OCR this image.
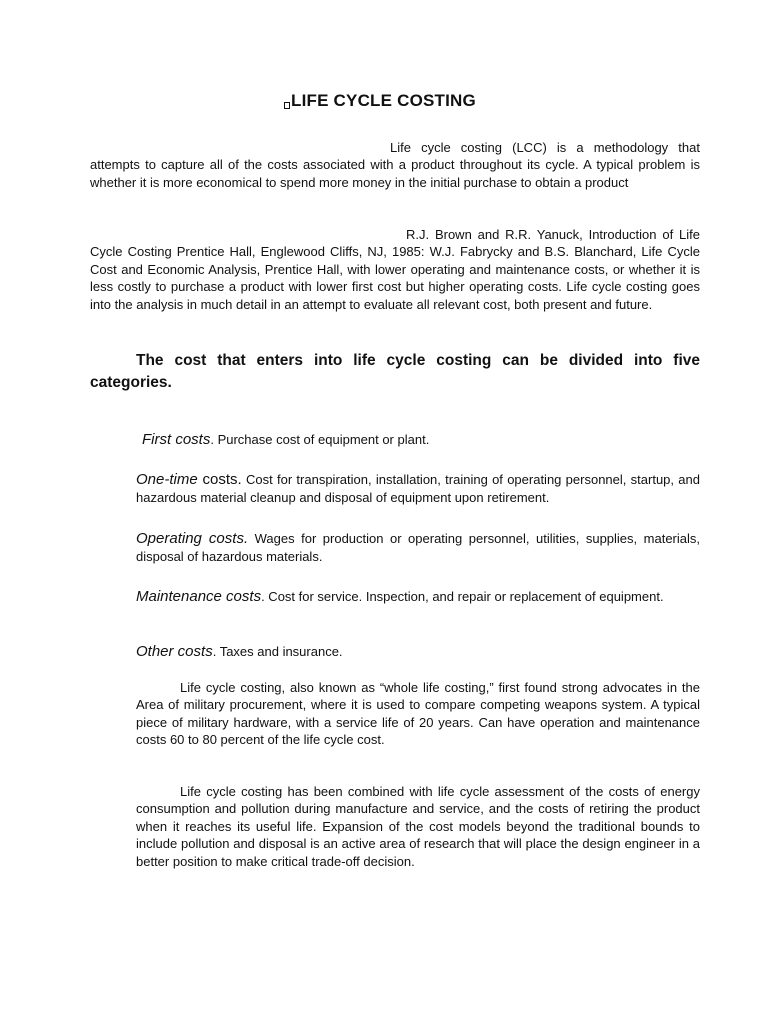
LIFE CYCLE COSTING

Life cycle costing (LCC) is a methodology that attempts to capture all of the costs associated with a product throughout its cycle. A typical problem is whether it is more economical to spend more money in the initial purchase to obtain a product

R.J. Brown and R.R. Yanuck, Introduction of Life Cycle Costing Prentice Hall, Englewood Cliffs, NJ, 1985: W.J. Fabrycky and B.S. Blanchard, Life Cycle Cost and Economic Analysis, Prentice Hall, with lower operating and maintenance costs, or whether it is less costly to purchase a product with lower first cost but higher operating costs. Life cycle costing goes into the analysis in much detail in an attempt to evaluate all relevant cost, both present and future.

The cost that enters into life cycle costing can be divided into five categories.

First costs. Purchase cost of equipment or plant.

One-time costs. Cost for transpiration, installation, training of operating personnel, startup, and hazardous material cleanup and disposal of equipment upon retirement.

Operating costs. Wages for production or operating personnel, utilities, supplies, materials, disposal of hazardous materials.

Maintenance costs. Cost for service. Inspection, and repair or replacement of equipment.

Other costs. Taxes and insurance.

Life cycle costing, also known as “whole life costing,” first found strong advocates in the Area of military procurement, where it is used to compare competing weapons system. A typical piece of military hardware, with a service life of 20 years. Can have operation and maintenance costs 60 to 80 percent of the life cycle cost.

Life cycle costing has been combined with life cycle assessment of the costs of energy consumption and pollution during manufacture and service, and the costs of retiring the product when it reaches its useful life. Expansion of the cost models beyond the traditional bounds to include pollution and disposal is an active area of research that will place the design engineer in a better position to make critical trade-off decision.
